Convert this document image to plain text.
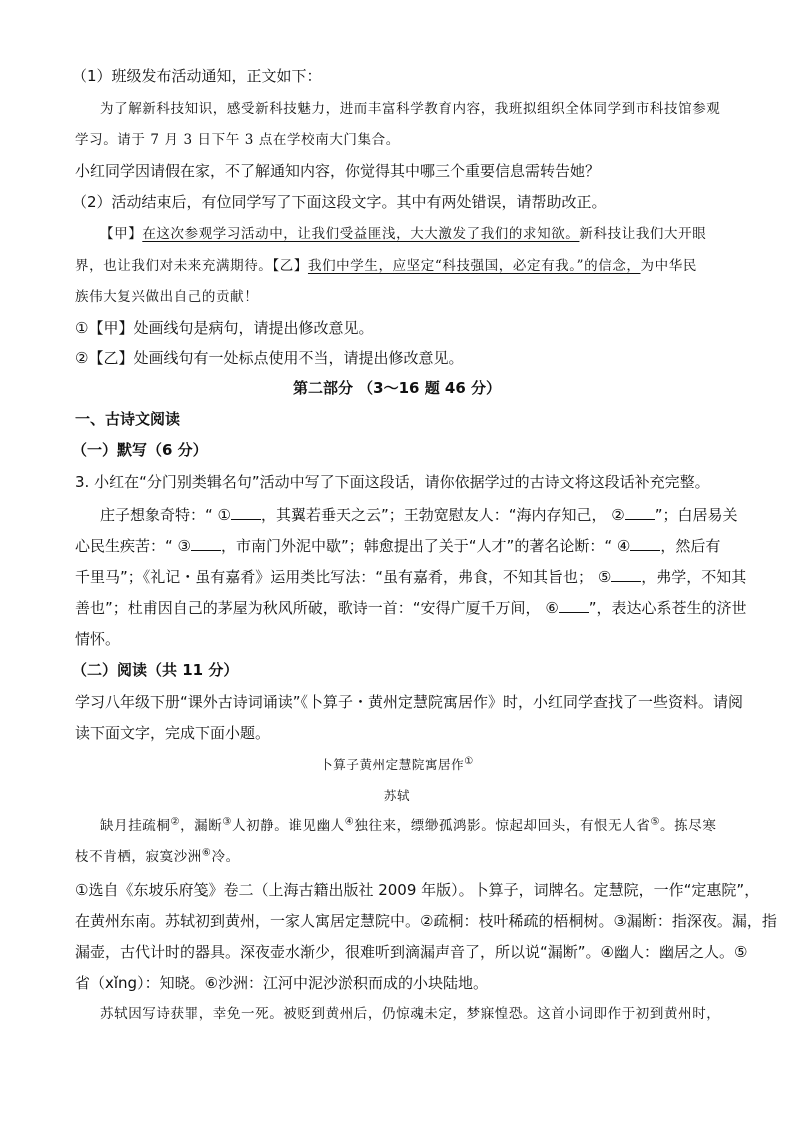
（1）班级发布活动通知，正文如下：
为了解新科技知识，感受新科技魅力，进而丰富科学教育内容，我班拟组织全体同学到市科技馆参观
学习。请于 7 月 3 日下午 3 点在学校南大门集合。
小红同学因请假在家，不了解通知内容，你觉得其中哪三个重要信息需转告她？
（2）活动结束后，有位同学写了下面这段文字。其中有两处错误，请帮助改正。
【甲】在这次参观学习活动中，让我们受益匪浅，大大激发了我们的求知欲。新科技让我们大开眼
界，也让我们对未来充满期待。【乙】我们中学生，应坚定“科技强国，必定有我。”的信念，为中华民
族伟大复兴做出自己的贡献！
①【甲】处画线句是病句，请提出修改意见。
②【乙】处画线句有一处标点使用不当，请提出修改意见。
第二部分 （3～16 题 46 分）
一、古诗文阅读
（一）默写（6 分）
3. 小红在“分门别类辑名句”活动中写了下面这段话，请你依据学过的古诗文将这段话补充完整。
庄子想象奇特：“ ① ，其翼若垂天之云”；王勃宽慰友人：“海内存知己， ② ”；白居易关
心民生疾苦：“ ③ ，市南门外泥中歇”；韩愈提出了关于“人才”的著名论断：“ ④ ，然后有
千里马”；《礼记・虽有嘉肴》运用类比写法：“虽有嘉肴，弗食，不知其旨也； ⑤ ，弗学，不知其
善也”；杜甫因自己的茅屋为秋风所破，歌诗一首：“安得广厦千万间， ⑥ ”，表达心系苍生的济世
情怀。
（二）阅读（共 11 分）
学习八年级下册“课外古诗词诵读”《卜算子・黄州定慧院寓居作》时，小红同学查找了一些资料。请阅
读下面文字，完成下面小题。
卜算子黄州定慧院寓居作①
苏轼
缺月挂疏桐②，漏断③人初静。谁见幽人④独往来，缥缈孤鸿影。惊起却回头，有恨无人省⑤。拣尽寒
枝不肯栖，寂寞沙洲⑥冷。
①选自《东坡乐府笺》卷二（上海古籍出版社 2009 年版）。卜算子，词牌名。定慧院，一作“定惠院”，
在黄州东南。苏轼初到黄州，一家人寓居定慧院中。②疏桐：枝叶稀疏的梧桐树。③漏断：指深夜。漏，指
漏壶，古代计时的器具。深夜壶水渐少，很难听到滴漏声音了，所以说“漏断”。④幽人：幽居之人。⑤
省（xǐng）：知晓。⑥沙洲：江河中泥沙淤积而成的小块陆地。
苏轼因写诗获罪，幸免一死。被贬到黄州后，仍惊魂未定，梦寐惶恐。这首小词即作于初到黄州时，
